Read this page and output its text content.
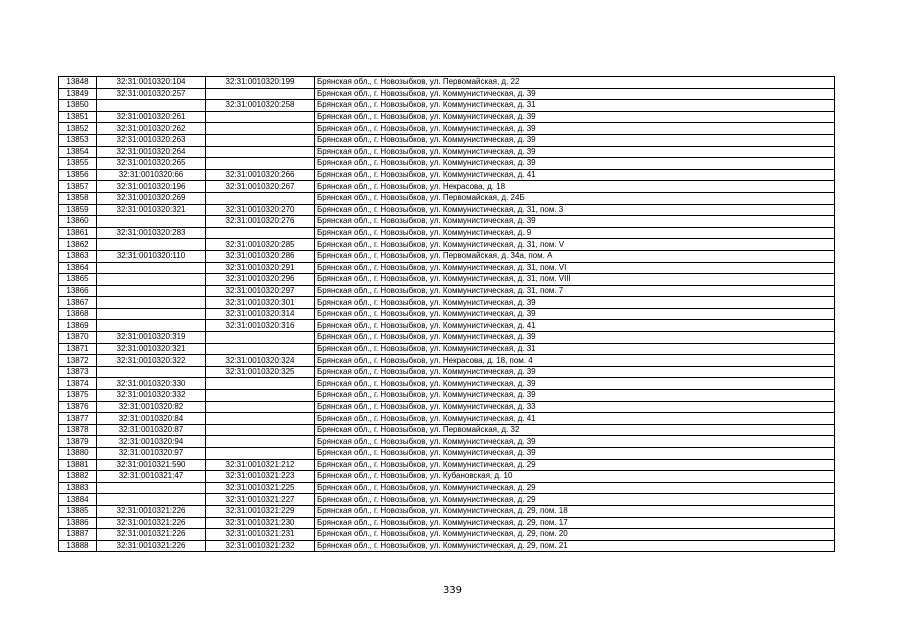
13848	32:31:0010320:104	32:31:0010320:199	Брянская обл., г. Новозыбков, ул. Первомайская, д. 22
13849	32:31:0010320:257		Брянская обл., г. Новозыбков, ул. Коммунистическая, д. 39
13850		32:31:0010320:258	Брянская обл., г. Новозыбков, ул. Коммунистическая, д. 31
13851	32:31:0010320:261		Брянская обл., г. Новозыбков, ул. Коммунистическая, д. 39
13852	32:31:0010320:262		Брянская обл., г. Новозыбков, ул. Коммунистическая, д. 39
13853	32:31:0010320:263		Брянская обл., г. Новозыбков, ул. Коммунистическая, д. 39
13854	32:31:0010320:264		Брянская обл., г. Новозыбков, ул. Коммунистическая, д. 39
13855	32:31:0010320:265		Брянская обл., г. Новозыбков, ул. Коммунистическая, д. 39
13856	32:31:0010320:66	32:31:0010320:266	Брянская обл., г. Новозыбков, ул. Коммунистическая, д. 41
13857	32:31:0010320:196	32:31:0010320:267	Брянская обл., г. Новозыбков, ул. Некрасова, д. 18
13858	32:31:0010320:269		Брянская обл., г. Новозыбков, ул. Первомайская, д. 24Б
13859	32:31:0010320:321	32:31:0010320:270	Брянская обл., г. Новозыбков, ул. Коммунистическая, д. 31, пом. 3
13860		32:31:0010320:276	Брянская обл., г. Новозыбков, ул. Коммунистическая, д. 39
13861	32:31:0010320:283		Брянская обл., г. Новозыбков, ул. Коммунистическая, д. 9
13862		32:31:0010320:285	Брянская обл., г. Новозыбков, ул. Коммунистическая, д. 31, пом. V
13863	32:31:0010320:110	32:31:0010320:286	Брянская обл., г. Новозыбков, ул. Первомайская, д. 34а, пом. А
13864		32:31:0010320:291	Брянская обл., г. Новозыбков, ул. Коммунистическая, д. 31, пом. VI
13865		32:31:0010320:296	Брянская обл., г. Новозыбков, ул. Коммунистическая, д. 31, пом. VIII
13866		32:31:0010320:297	Брянская обл., г. Новозыбков, ул. Коммунистическая, д. 31, пом. 7
13867		32:31:0010320:301	Брянская обл., г. Новозыбков, ул. Коммунистическая, д. 39
13868		32:31:0010320:314	Брянская обл., г. Новозыбков, ул. Коммунистическая, д. 39
13869		32:31:0010320:316	Брянская обл., г. Новозыбков, ул. Коммунистическая, д. 41
13870	32:31:0010320:319		Брянская обл., г. Новозыбков, ул. Коммунистическая, д. 39
13871	32:31:0010320:321		Брянская обл., г. Новозыбков, ул. Коммунистическая, д. 31
13872	32:31:0010320:322	32:31:0010320:324	Брянская обл., г. Новозыбков, ул. Некрасова, д. 18, пом. 4
13873		32:31:0010320:325	Брянская обл., г. Новозыбков, ул. Коммунистическая, д. 39
13874	32:31:0010320:330		Брянская обл., г. Новозыбков, ул. Коммунистическая, д. 39
13875	32:31:0010320:332		Брянская обл., г. Новозыбков, ул. Коммунистическая, д. 39
13876	32:31:0010320:82		Брянская обл., г. Новозыбков, ул. Коммунистическая, д. 33
13877	32:31:0010320:84		Брянская обл., г. Новозыбков, ул. Коммунистическая, д. 41
13878	32:31:0010320:87		Брянская обл., г. Новозыбков, ул. Первомайская, д. 32
13879	32:31:0010320:94		Брянская обл., г. Новозыбков, ул. Коммунистическая, д. 39
13880	32:31:0010320:97		Брянская обл., г. Новозыбков, ул. Коммунистическая, д. 39
13881	32:31:0010321:590	32:31:0010321:212	Брянская обл., г. Новозыбков, ул. Коммунистическая, д. 29
13882	32:31:0010321:47	32:31:0010321:223	Брянская обл., г. Новозыбков, ул. Кубановская, д. 10
13883		32:31:0010321:225	Брянская обл., г. Новозыбков, ул. Коммунистическая, д. 29
13884		32:31:0010321:227	Брянская обл., г. Новозыбков, ул. Коммунистическая, д. 29
13885	32:31:0010321:226	32:31:0010321:229	Брянская обл., г. Новозыбков, ул. Коммунистическая, д. 29, пом. 18
13886	32:31:0010321:226	32:31:0010321:230	Брянская обл., г. Новозыбков, ул. Коммунистическая, д. 29, пом. 17
13887	32:31:0010321:226	32:31:0010321:231	Брянская обл., г. Новозыбков, ул. Коммунистическая, д. 29, пом. 20
13888	32:31:0010321:226	32:31:0010321:232	Брянская обл., г. Новозыбков, ул. Коммунистическая, д. 29, пом. 21
339
